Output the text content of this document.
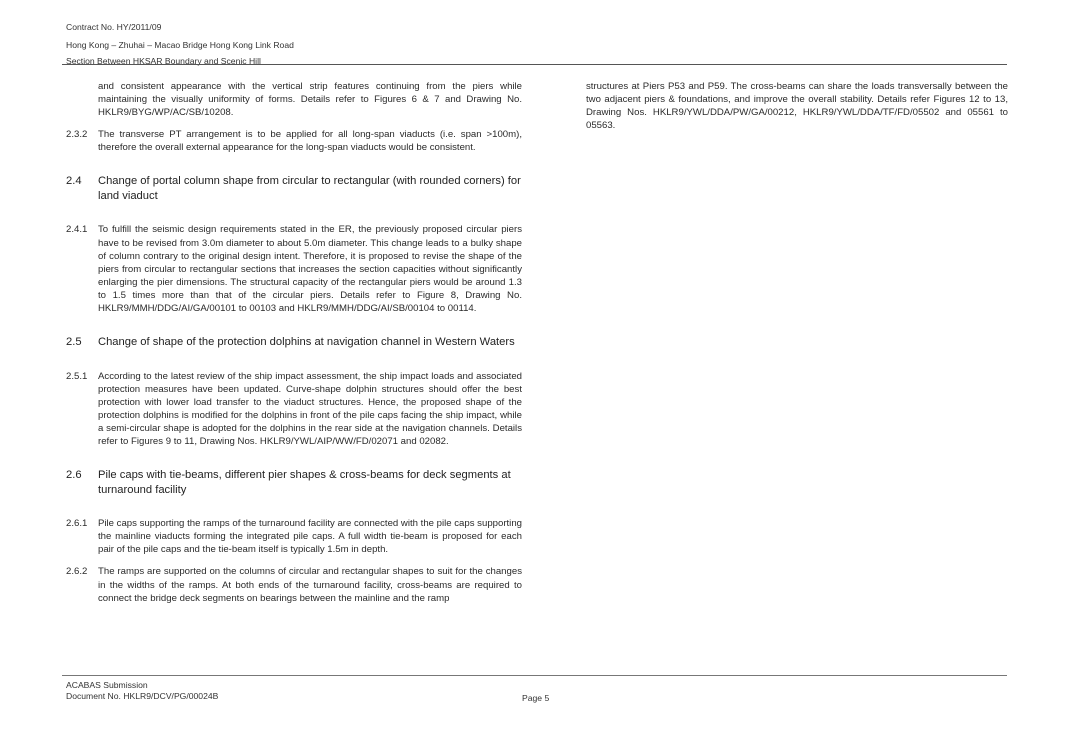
Contract No. HY/2011/09
Hong Kong – Zhuhai – Macao Bridge Hong Kong Link Road
Section Between HKSAR Boundary and Scenic Hill
and consistent appearance with the vertical strip features continuing from the piers while maintaining the visually uniformity of forms. Details refer to Figures 6 & 7 and Drawing No. HKLR9/BYG/WP/AC/SB/10208.
2.3.2 The transverse PT arrangement is to be applied for all long-span viaducts (i.e. span >100m), therefore the overall external appearance for the long-span viaducts would be consistent.
2.4 Change of portal column shape from circular to rectangular (with rounded corners) for land viaduct
2.4.1 To fulfill the seismic design requirements stated in the ER, the previously proposed circular piers have to be revised from 3.0m diameter to about 5.0m diameter. This change leads to a bulky shape of column contrary to the original design intent. Therefore, it is proposed to revise the shape of the piers from circular to rectangular sections that increases the section capacities without significantly enlarging the pier dimensions. The structural capacity of the rectangular piers would be around 1.3 to 1.5 times more than that of the circular piers. Details refer to Figure 8, Drawing No. HKLR9/MMH/DDG/AI/GA/00101 to 00103 and HKLR9/MMH/DDG/AI/SB/00104 to 00114.
2.5 Change of shape of the protection dolphins at navigation channel in Western Waters
2.5.1 According to the latest review of the ship impact assessment, the ship impact loads and associated protection measures have been updated. Curve-shape dolphin structures should offer the best protection with lower load transfer to the viaduct structures. Hence, the proposed shape of the protection dolphins is modified for the dolphins in front of the pile caps facing the ship impact, while a semi-circular shape is adopted for the dolphins in the rear side at the navigation channels. Details refer to Figures 9 to 11, Drawing Nos. HKLR9/YWL/AIP/WW/FD/02071 and 02082.
2.6 Pile caps with tie-beams, different pier shapes & cross-beams for deck segments at turnaround facility
2.6.1 Pile caps supporting the ramps of the turnaround facility are connected with the pile caps supporting the mainline viaducts forming the integrated pile caps. A full width tie-beam is proposed for each pair of the pile caps and the tie-beam itself is typically 1.5m in depth.
2.6.2 The ramps are supported on the columns of circular and rectangular shapes to suit for the changes in the widths of the ramps. At both ends of the turnaround facility, cross-beams are required to connect the bridge deck segments on bearings between the mainline and the ramp
structures at Piers P53 and P59. The cross-beams can share the loads transversally between the two adjacent piers & foundations, and improve the overall stability. Details refer Figures 12 to 13, Drawing Nos. HKLR9/YWL/DDA/PW/GA/00212, HKLR9/YWL/DDA/TF/FD/05502 and 05561 to 05563.
ACABAS Submission
Document No. HKLR9/DCV/PG/00024B	Page 5
